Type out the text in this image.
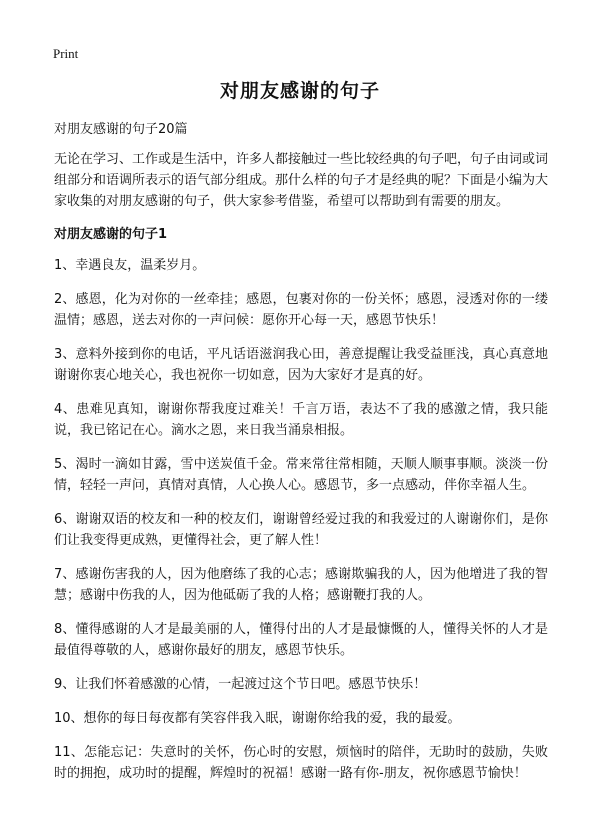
Print
对朋友感谢的句子

对朋友感谢的句子20篇

无论在学习、工作或是生活中，许多人都接触过一些比较经典的句子吧，句子由词或词组部分和语调所表示的语气部分组成。那什么样的句子才是经典的呢？下面是小编为大家收集的对朋友感谢的句子，供大家参考借鉴，希望可以帮助到有需要的朋友。

对朋友感谢的句子1

1、幸遇良友，温柔岁月。

2、感恩，化为对你的一丝牵挂；感恩，包裹对你的一份关怀；感恩，浸透对你的一缕温情；感恩，送去对你的一声问候：愿你开心每一天，感恩节快乐！

3、意料外接到你的电话，平凡话语滋润我心田，善意提醒让我受益匪浅，真心真意地谢谢你衷心地关心，我也祝你一切如意，因为大家好才是真的好。

4、患难见真知，谢谢你帮我度过难关！千言万语，表达不了我的感激之情，我只能说，我已铭记在心。滴水之恩，来日我当涌泉相报。

5、渴时一滴如甘露，雪中送炭值千金。常来常往常相随，天顺人顺事事顺。淡淡一份情，轻轻一声问，真情对真情，人心换人心。感恩节，多一点感动，伴你幸福人生。

6、谢谢双语的校友和一种的校友们，谢谢曾经爱过我的和我爱过的人谢谢你们，是你们让我变得更成熟，更懂得社会，更了解人性！

7、感谢伤害我的人，因为他磨练了我的心志；感谢欺骗我的人，因为他增进了我的智慧；感谢中伤我的人，因为他砥砺了我的人格；感谢鞭打我的人。

8、懂得感谢的人才是最美丽的人，懂得付出的人才是最慷慨的人，懂得关怀的人才是最值得尊敬的人，感谢你最好的朋友，感恩节快乐。

9、让我们怀着感激的心情，一起渡过这个节日吧。感恩节快乐！

10、想你的每日每夜都有笑容伴我入眠，谢谢你给我的爱，我的最爱。

11、怎能忘记：失意时的关怀，伤心时的安慰，烦恼时的陪伴，无助时的鼓励，失败时的拥抱，成功时的提醒，辉煌时的祝福！感谢一路有你-朋友，祝你感恩节愉快！
